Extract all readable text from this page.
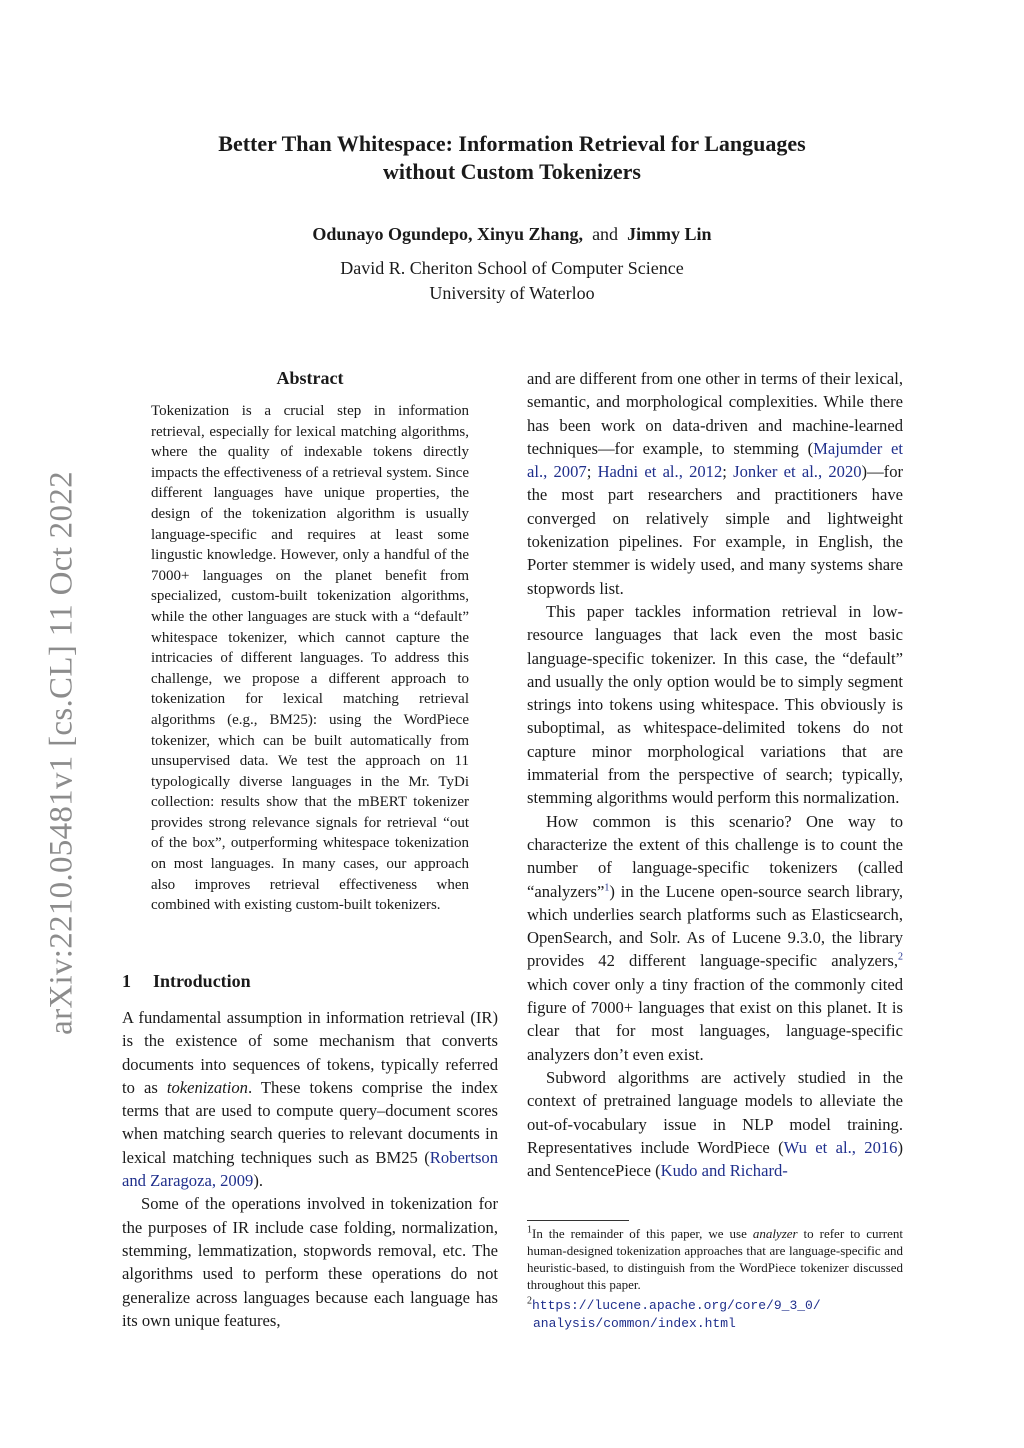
arXiv:2210.05481v1 [cs.CL] 11 Oct 2022
Better Than Whitespace: Information Retrieval for Languages
without Custom Tokenizers
Odunayo Ogundepo, Xinyu Zhang, and Jimmy Lin
David R. Cheriton School of Computer Science
University of Waterloo
Abstract
Tokenization is a crucial step in information retrieval, especially for lexical matching algorithms, where the quality of indexable tokens directly impacts the effectiveness of a retrieval system. Since different languages have unique properties, the design of the tokenization algorithm is usually language-specific and requires at least some lingustic knowledge. However, only a handful of the 7000+ languages on the planet benefit from specialized, custom-built tokenization algorithms, while the other languages are stuck with a “default” whitespace tokenizer, which cannot capture the intricacies of different languages. To address this challenge, we propose a different approach to tokenization for lexical matching retrieval algorithms (e.g., BM25): using the WordPiece tokenizer, which can be built automatically from unsupervised data. We test the approach on 11 typologically diverse languages in the Mr. TyDi collection: results show that the mBERT tokenizer provides strong relevance signals for retrieval “out of the box”, outperforming whitespace tokenization on most languages. In many cases, our approach also improves retrieval effectiveness when combined with existing custom-built tokenizers.
1 Introduction

A fundamental assumption in information retrieval (IR) is the existence of some mechanism that converts documents into sequences of tokens, typically referred to as tokenization. These tokens comprise the index terms that are used to compute query–document scores when matching search queries to relevant documents in lexical matching techniques such as BM25 (Robertson and Zaragoza, 2009).

Some of the operations involved in tokenization for the purposes of IR include case folding, normalization, stemming, lemmatization, stopwords removal, etc. The algorithms used to perform these operations do not generalize across languages because each language has its own unique features,

and are different from one other in terms of their lexical, semantic, and morphological complexities. While there has been work on data-driven and machine-learned techniques—for example, to stemming (Majumder et al., 2007; Hadni et al., 2012; Jonker et al., 2020)—for the most part researchers and practitioners have converged on relatively simple and lightweight tokenization pipelines. For example, in English, the Porter stemmer is widely used, and many systems share stopwords list.

This paper tackles information retrieval in low-resource languages that lack even the most basic language-specific tokenizer. In this case, the “default” and usually the only option would be to simply segment strings into tokens using whitespace. This obviously is suboptimal, as whitespace-delimited tokens do not capture minor morphological variations that are immaterial from the perspective of search; typically, stemming algorithms would perform this normalization.

How common is this scenario? One way to characterize the extent of this challenge is to count the number of language-specific tokenizers (called “analyzers”$^1$) in the Lucene open-source search library, which underlies search platforms such as Elasticsearch, OpenSearch, and Solr. As of Lucene 9.3.0, the library provides 42 different language-specific analyzers,$^2$ which cover only a tiny fraction of the commonly cited figure of 7000+ languages that exist on this planet. It is clear that for most languages, language-specific analyzers don’t even exist.

Subword algorithms are actively studied in the context of pretrained language models to alleviate the out-of-vocabulary issue in NLP model training. Representatives include WordPiece (Wu et al., 2016) and SentencePiece (Kudo and Richard-

$^1$In the remainder of this paper, we use analyzer to refer to current human-designed tokenization approaches that are language-specific and heuristic-based, to distinguish from the WordPiece tokenizer discussed throughout this paper.

$^2$https://lucene.apache.org/core/9_3_0/
analysis/common/index.html
